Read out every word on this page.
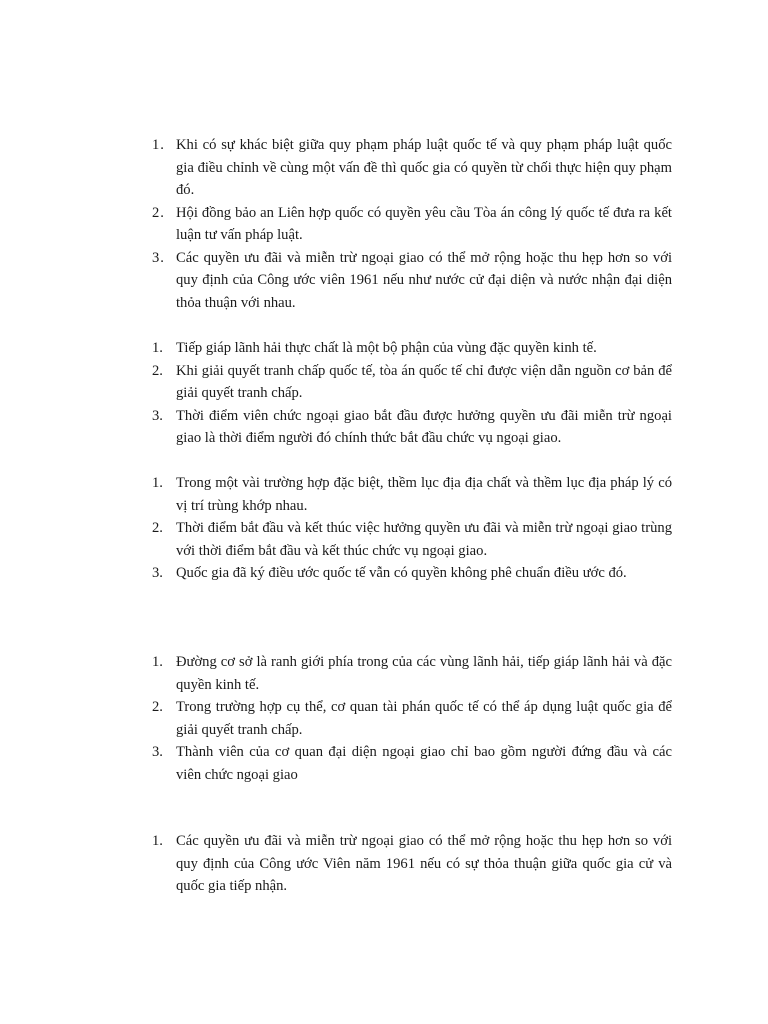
1. Khi có sự khác biệt giữa quy phạm pháp luật quốc tế và quy phạm pháp luật quốc gia điều chỉnh về cùng một vấn đề thì quốc gia có quyền từ chối thực hiện quy phạm đó.
2. Hội đồng bảo an Liên hợp quốc có quyền yêu cầu Tòa án công lý quốc tế đưa ra kết luận tư vấn pháp luật.
3. Các quyền ưu đãi và miễn trừ ngoại giao có thể mở rộng hoặc thu hẹp hơn so với quy định của Công ước viên 1961 nếu như nước cử đại diện và nước nhận đại diện thỏa thuận với nhau.
1. Tiếp giáp lãnh hải thực chất là một bộ phận của vùng đặc quyền kinh tế.
2. Khi giải quyết tranh chấp quốc tế, tòa án quốc tế chỉ được viện dẫn nguồn cơ bản để giải quyết tranh chấp.
3. Thời điểm viên chức ngoại giao bắt đầu được hưởng quyền ưu đãi miễn trừ ngoại giao là thời điểm người đó chính thức bắt đầu chức vụ ngoại giao.
1. Trong một vài trường hợp đặc biệt, thềm lục địa địa chất và thềm lục địa pháp lý có vị trí trùng khớp nhau.
2. Thời điểm bắt đầu và kết thúc việc hưởng quyền ưu đãi và miễn trừ ngoại giao trùng với thời điểm bắt đầu và kết thúc chức vụ ngoại giao.
3. Quốc gia đã ký điều ước quốc tế vẫn có quyền không phê chuẩn điều ước đó.
1. Đường cơ sở là ranh giới phía trong của các vùng lãnh hải, tiếp giáp lãnh hải và đặc quyền kinh tế.
2. Trong trường hợp cụ thể, cơ quan tài phán quốc tế có thể áp dụng luật quốc gia để giải quyết tranh chấp.
3. Thành viên của cơ quan đại diện ngoại giao chỉ bao gồm người đứng đầu và các viên chức ngoại giao
1. Các quyền ưu đãi và miễn trừ ngoại giao có thể mở rộng hoặc thu hẹp hơn so với quy định của Công ước Viên năm 1961 nếu có sự thỏa thuận giữa quốc gia cử và quốc gia tiếp nhận.
